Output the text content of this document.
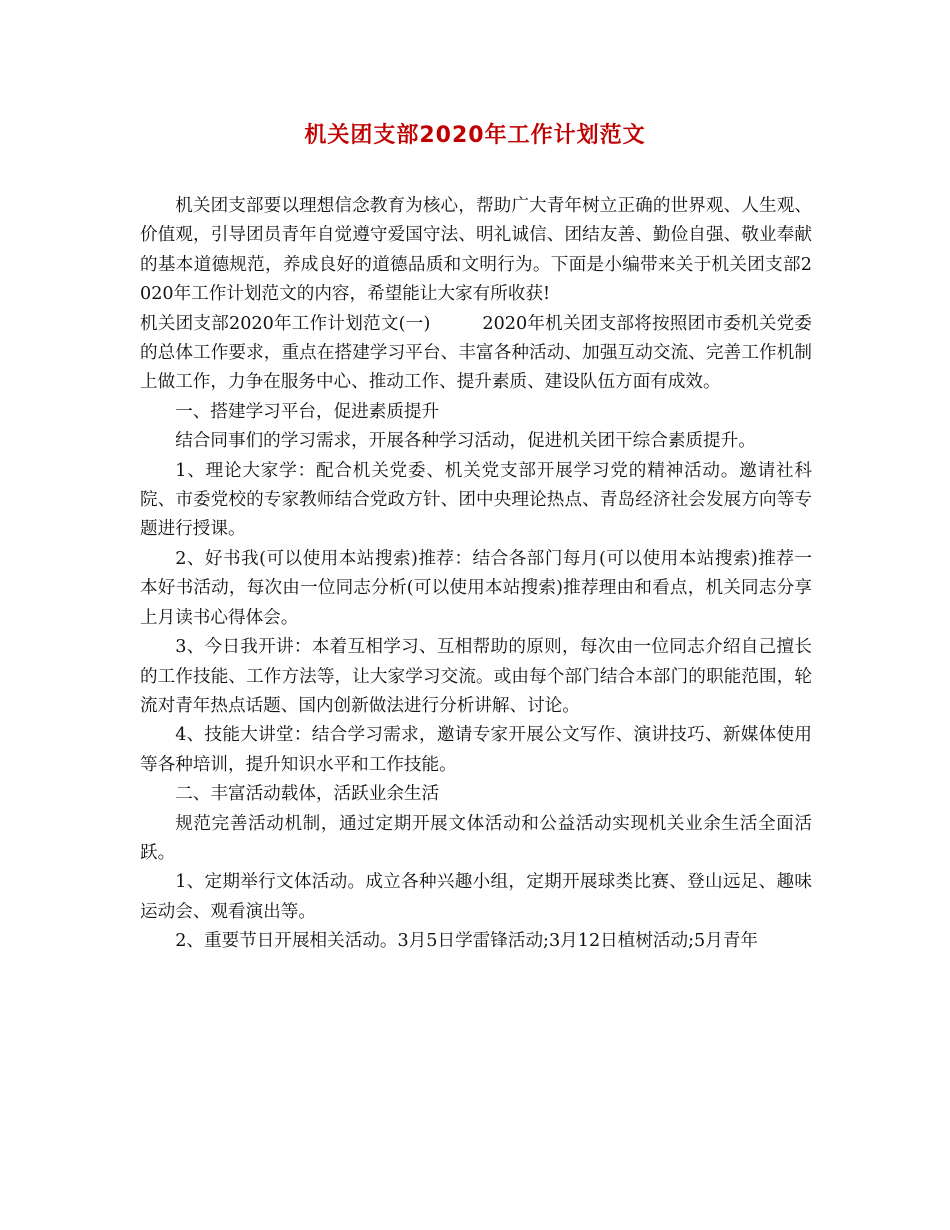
机关团支部2020年工作计划范文

机关团支部要以理想信念教育为核心，帮助广大青年树立正确的世界观、人生观、价值观，引导团员青年自觉遵守爱国守法、明礼诚信、团结友善、勤俭自强、敬业奉献的基本道德规范，养成良好的道德品质和文明行为。下面是小编带来关于机关团支部2020年工作计划范文的内容，希望能让大家有所收获!

机关团支部2020年工作计划范文(一)	2020年机关团支部将按照团市委机关党委的总体工作要求，重点在搭建学习平台、丰富各种活动、加强互动交流、完善工作机制上做工作，力争在服务中心、推动工作、提升素质、建设队伍方面有成效。

一、搭建学习平台，促进素质提升

结合同事们的学习需求，开展各种学习活动，促进机关团干综合素质提升。

1、理论大家学：配合机关党委、机关党支部开展学习党的精神活动。邀请社科院、市委党校的专家教师结合党政方针、团中央理论热点、青岛经济社会发展方向等专题进行授课。

2、好书我(可以使用本站搜索)推荐：结合各部门每月(可以使用本站搜索)推荐一本好书活动，每次由一位同志分析(可以使用本站搜索)推荐理由和看点，机关同志分享上月读书心得体会。

3、今日我开讲：本着互相学习、互相帮助的原则，每次由一位同志介绍自己擅长的工作技能、工作方法等，让大家学习交流。或由每个部门结合本部门的职能范围，轮流对青年热点话题、国内创新做法进行分析讲解、讨论。

4、技能大讲堂：结合学习需求，邀请专家开展公文写作、演讲技巧、新媒体使用等各种培训，提升知识水平和工作技能。

二、丰富活动载体，活跃业余生活

规范完善活动机制，通过定期开展文体活动和公益活动实现机关业余生活全面活跃。

1、定期举行文体活动。成立各种兴趣小组，定期开展球类比赛、登山远足、趣味运动会、观看演出等。

2、重要节日开展相关活动。3月5日学雷锋活动;3月12日植树活动;5月青年
